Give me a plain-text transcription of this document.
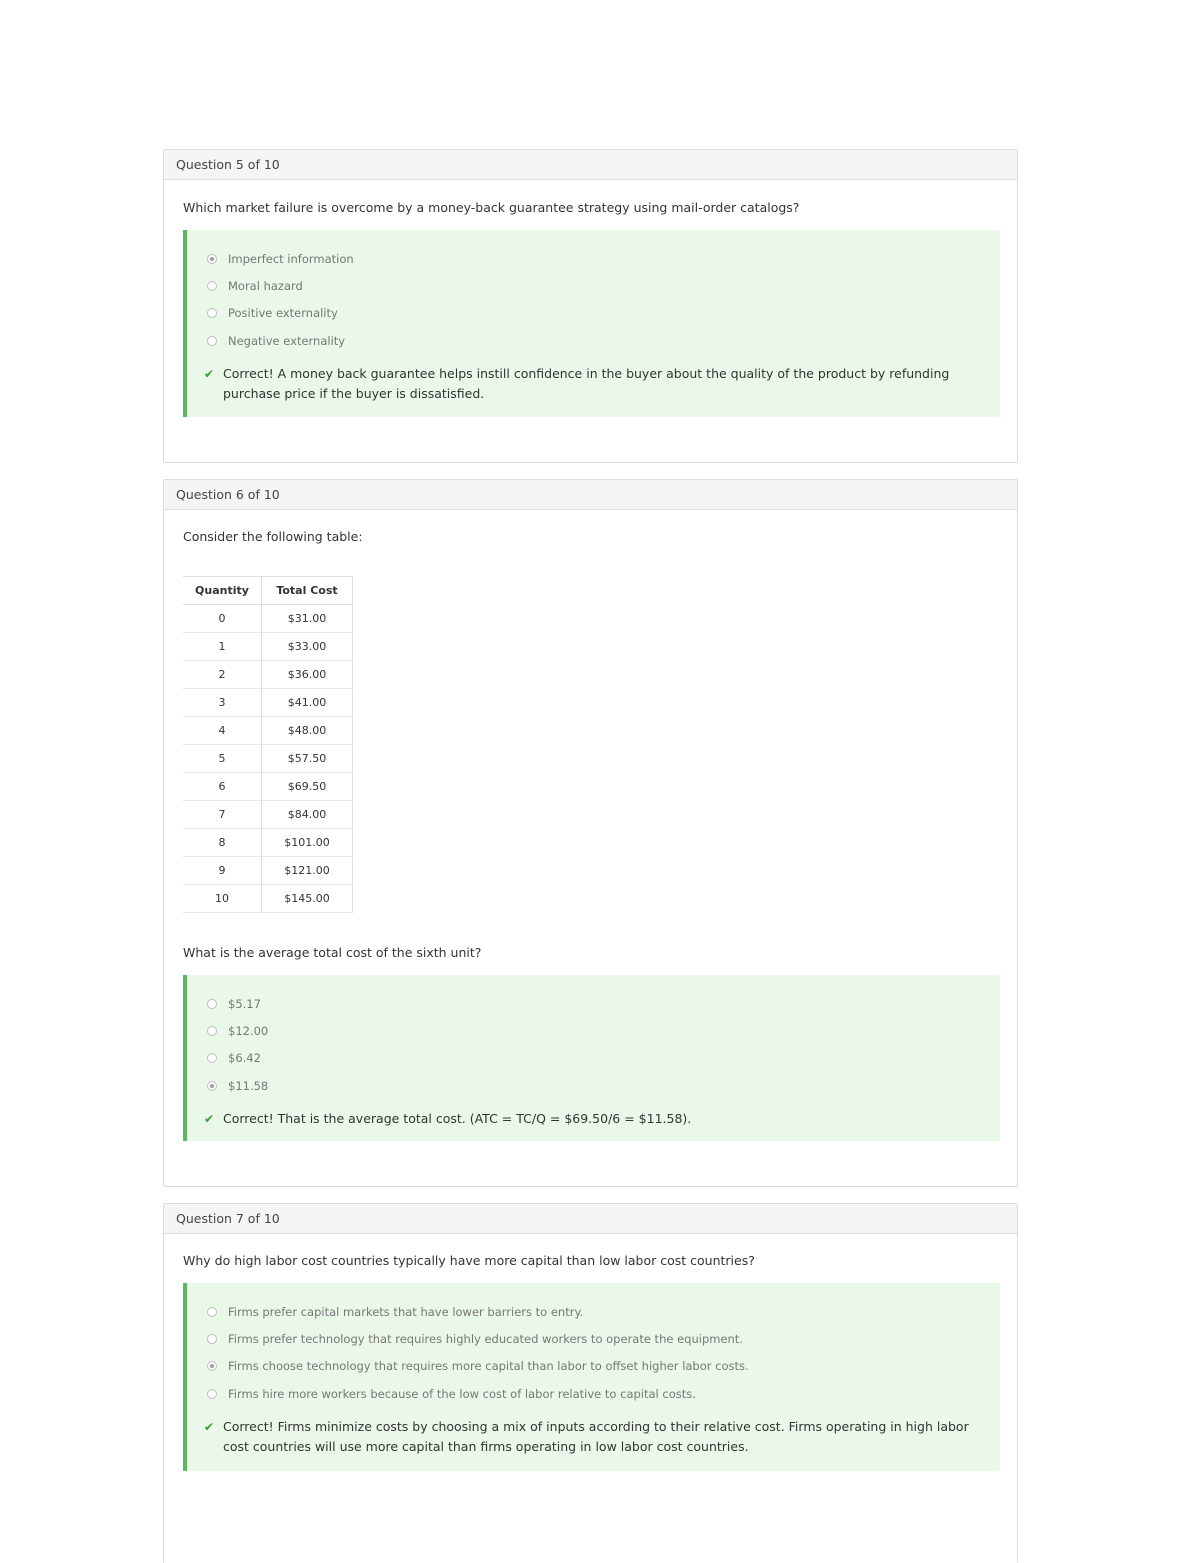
Question 5 of 10
Which market failure is overcome by a money-back guarantee strategy using mail-order catalogs?
Imperfect information
Moral hazard
Positive externality
Negative externality
✔ Correct! A money back guarantee helps instill confidence in the buyer about the quality of the product by refunding
purchase price if the buyer is dissatisfied.
Question 6 of 10
Consider the following table:
Quantity	Total Cost
0	$31.00
1	$33.00
2	$36.00
3	$41.00
4	$48.00
5	$57.50
6	$69.50
7	$84.00
8	$101.00
9	$121.00
10	$145.00
What is the average total cost of the sixth unit?
$5.17
$12.00
$6.42
$11.58
✔ Correct! That is the average total cost. (ATC = TC/Q = $69.50/6 = $11.58).
Question 7 of 10
Why do high labor cost countries typically have more capital than low labor cost countries?
Firms prefer capital markets that have lower barriers to entry.
Firms prefer technology that requires highly educated workers to operate the equipment.
Firms choose technology that requires more capital than labor to offset higher labor costs.
Firms hire more workers because of the low cost of labor relative to capital costs.
✔ Correct! Firms minimize costs by choosing a mix of inputs according to their relative cost. Firms operating in high labor
cost countries will use more capital than firms operating in low labor cost countries.
